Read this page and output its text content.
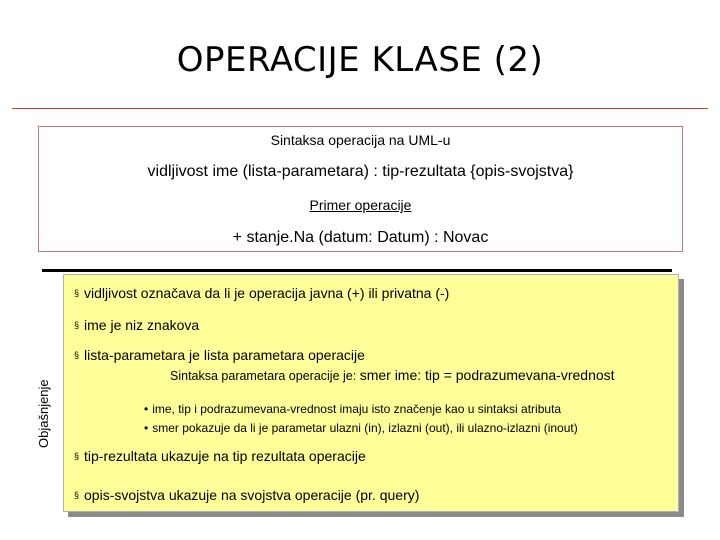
OPERACIJE KLASE (2)
Sintaksa operacija na UML-u
vidljivost ime (lista-parametara) : tip-rezultata {opis-svojstva}
Primer operacije
+ stanje.Na (datum: Datum) : Novac
Objašnjenje
§ vidljivost označava da li je operacija javna (+) ili privatna (-)
§ ime je niz znakova
§ lista-parametara je lista parametara operacije
Sintaksa parametara operacije je: smer ime: tip = podrazumevana-vrednost
• ime, tip i podrazumevana-vrednost imaju isto značenje kao u sintaksi atributa
• smer pokazuje da li je parametar ulazni (in), izlazni (out), ili ulazno-izlazni (inout)
§ tip-rezultata ukazuje na tip rezultata operacije
§ opis-svojstva ukazuje na svojstva operacije (pr. query)
